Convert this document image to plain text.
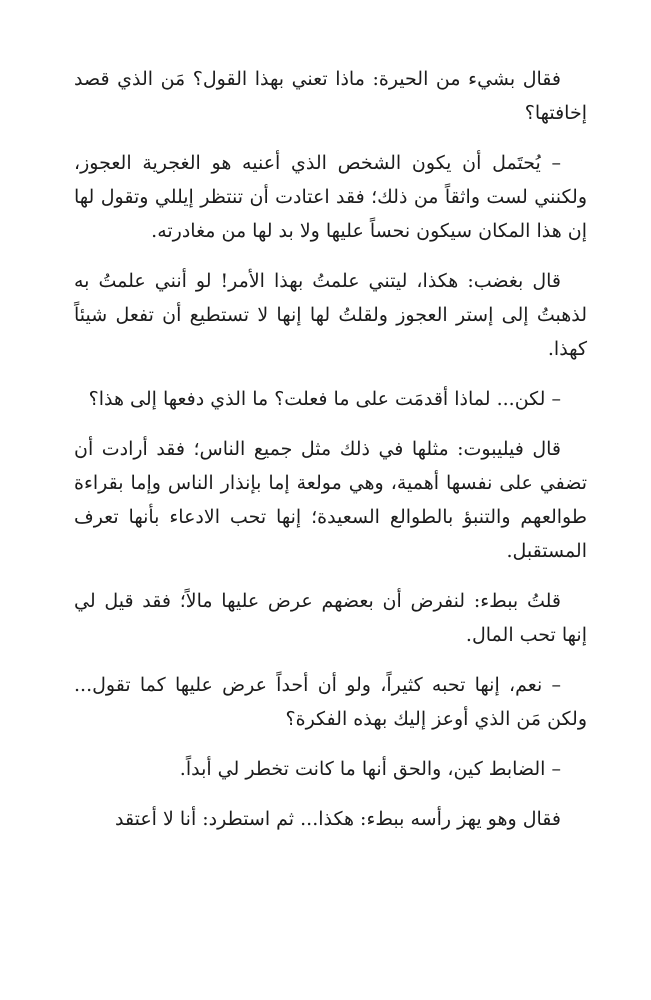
فقال بشيء من الحيرة: ماذا تعني بهذا القول؟ مَن الذي قصد إخافتها؟

– يُحتَمل أن يكون الشخص الذي أعنيه هو الغجرية العجوز، ولكنني لست واثقاً من ذلك؛ فقد اعتادت أن تنتظر إيللي وتقول لها إن هذا المكان سيكون نحساً عليها ولا بد لها من مغادرته.

قال بغضب: هكذا، ليتني علمتُ بهذا الأمر! لو أنني علمتُ به لذهبتُ إلى إستر العجوز ولقلتُ لها إنها لا تستطيع أن تفعل شيئاً كهذا.

– لكن... لماذا أقدمَت على ما فعلت؟ ما الذي دفعها إلى هذا؟

قال فيليبوت: مثلها في ذلك مثل جميع الناس؛ فقد أرادت أن تضفي على نفسها أهمية، وهي مولعة إما بإنذار الناس وإما بقراءة طوالعهم والتنبؤ بالطوالع السعيدة؛ إنها تحب الادعاء بأنها تعرف المستقبل.

قلتُ ببطء: لنفرض أن بعضهم عرض عليها مالاً؛ فقد قيل لي إنها تحب المال.

– نعم، إنها تحبه كثيراً، ولو أن أحداً عرض عليها كما تقول... ولكن مَن الذي أوعز إليك بهذه الفكرة؟

– الضابط كين، والحق أنها ما كانت تخطر لي أبداً.

فقال وهو يهز رأسه ببطء: هكذا... ثم استطرد: أنا لا أعتقد
